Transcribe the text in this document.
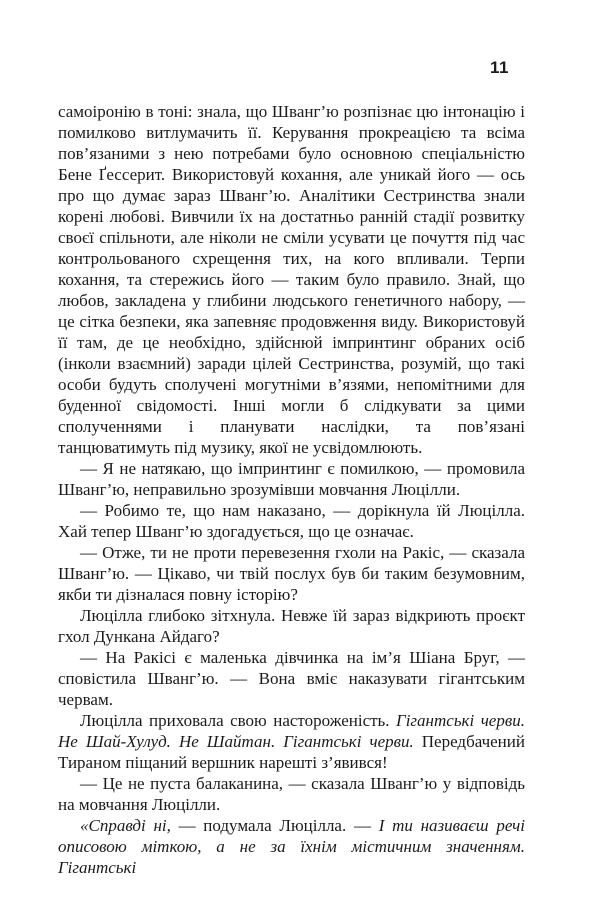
11

самоіронію в тоні: знала, що Шванг’ю розпізнає цю інтонацію і помилково витлумачить її. Керування прокреацією та всіма пов’язаними з нею потребами було основною спеціальністю Бене Ґессерит. Використовуй кохання, але уникай його — ось про що думає зараз Шванг’ю. Аналітики Сестринства знали корені любові. Вивчили їх на достатньо ранній стадії розвитку своєї спільноти, але ніколи не сміли усувати це почуття під час контрольованого схрещення тих, на кого впливали. Терпи кохання, та стережись його — таким було правило. Знай, що любов, закладена у глибини людського генетичного набору, — це сітка безпеки, яка запевняє продовження виду. Використовуй її там, де це необхідно, здійснюй імпринтинг обраних осіб (інколи взаємний) заради цілей Сестринства, розумій, що такі особи будуть сполучені могутніми в’язями, непомітними для буденної свідомості. Інші могли б слідкувати за цими сполученнями і планувати наслідки, та пов’язані танцюватимуть під музику, якої не усвідомлюють.

— Я не натякаю, що імпринтинг є помилкою, — промовила Шванг’ю, неправильно зрозумівши мовчання Люцілли.

— Робимо те, що нам наказано, — дорікнула їй Люцілла. Хай тепер Шванг’ю здогадується, що це означає.

— Отже, ти не проти перевезення гхоли на Ракіс, — сказала Шванг’ю. — Цікаво, чи твій послух був би таким безумовним, якби ти дізналася повну історію?

Люцілла глибоко зітхнула. Невже їй зараз відкриють проєкт гхол Дункана Айдаго?

— На Ракісі є маленька дівчинка на ім’я Шіана Бруг, — сповістила Шванг’ю. — Вона вміє наказувати гігантським червам.

Люцілла приховала свою настороженість. Гігантські черви. Не Шай-Хулуд. Не Шайтан. Гігантські черви. Передбачений Тираном піщаний вершник нарешті з’явився!

— Це не пуста балаканина, — сказала Шванг’ю у відповідь на мовчання Люцілли.

«Справді ні, — подумала Люцілла. — І ти називаєш речі описовою міткою, а не за їхнім містичним значенням. Гігантські
